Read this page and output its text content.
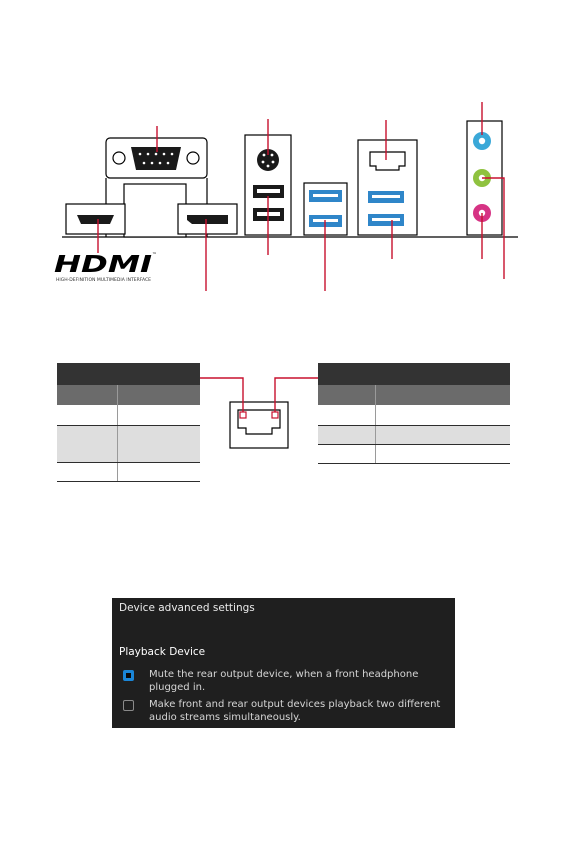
HDMI ™
HIGH-DEFINITION MULTIMEDIA INTERFACE

Device advanced settings
Playback Device
Mute the rear output device, when a front headphone plugged in.
Make front and rear output devices playback two different audio streams simultaneously.
